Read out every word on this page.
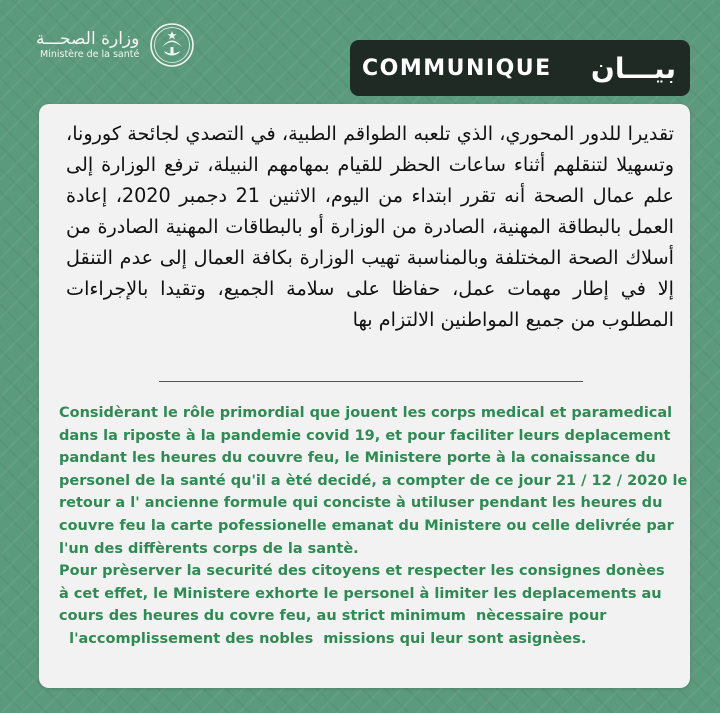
وزارة الصحـــة
Ministère de la santé
COMMUNIQUE بيـــان

تقديرا للدور المحوري، الذي تلعبه الطواقم الطبية، في التصدي لجائحة كورونا، وتسهيلا لتنقلهم أثناء ساعات الحظر للقيام بمهامهم النبيلة، ترفع الوزارة إلى علم عمال الصحة أنه تقرر ابتداء من اليوم، الاثنين 21 دجمبر 2020، إعادة العمل بالبطاقة المهنية، الصادرة من الوزارة أو بالبطاقات المهنية الصادرة من أسلاك الصحة المختلفة وبالمناسبة تهيب الوزارة بكافة العمال إلى عدم التنقل إلا في إطار مهمات عمل، حفاظا على سلامة الجميع، وتقيدا بالإجراءات المطلوب من جميع المواطنين الالتزام بها

Considèrant le rôle primordial que jouent les corps medical et paramedical
dans la riposte à la pandemie covid 19, et pour faciliter leurs deplacement
pandant les heures du couvre feu, le Ministere porte à la conaissance du
personel de la santé qu'il a èté decidé, a compter de ce jour 21 / 12 / 2020 le
retour a l' ancienne formule qui conciste à utiluser pendant les heures du
couvre feu la carte pofessionelle emanat du Ministere ou celle delivrée par
l'un des diffèrents corps de la santè.
Pour prèserver la securité des citoyens et respecter les consignes donèes
à cet effet, le Ministere exhorte le personel à limiter les deplacements au
cours des heures du covre feu, au strict minimum  nècessaire pour
l'accomplissement des nobles  missions qui leur sont asignèes.
